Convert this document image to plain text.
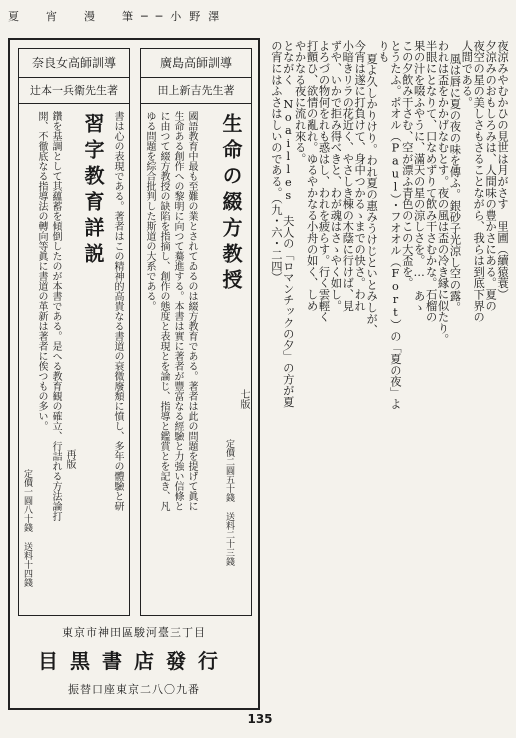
夏　宵　漫　筆──小野澤
夜涼みやむかひの見世は月がさす　里圃（續猿蓑）
夕涼みのおもしろみは、人間味の豊かさにある。夏の
夜空の星の美しさもさることながら、我らは到底下界の
人間である。
風は唇に夏の夜の味を傳ふ。銀砂子光涼し空の露。
われは盃をかかげなむとす。夜の風は盃の冷き縁に似たり。
半眼にとなりて、口なめずりて飲み干さむかな。石榴の
果の汁を啜ふやうに、滿天の星の涼しさを。…　あゝ
この夕飲み干さむ、空が漂ふ青色のこの大盃を。
とうたふ。ポオル（Paul）・フオオル（Fort）の「夏の夜」よ
りも
夏よ久しかりけり。われ夏の惠みうけじといとみしが、
今宵は遂に打負けて、身中つかるゝまでの快さ。われ
小暗きリラの花近く、やさしき棟の木蔭に行けば、見
ずや、いかで拒み得べきと、わが魂はさゝやく如し。
よろづの物何をれも惑はし、われを疲らす。行く雲輕く
打顫ひ、欲情の亂れ。ゆるやかなる小舟の如く、しめ
やかなる夜に流れ來る。
とながく Noailles 夫人の「ロマンチックの夕」の方が夏
の宵にはふさはしいのである。（九・六・二四）
廣島高師訓導
田上新吉先生著
生命の綴方教授
國語教育中最も至難の業とされてゐるのは綴方教育である。著者は此の問題を提げて眞に
生命ある創作への黎明に向つて驀進する。本書は實に著者が豐富なる經驗と力強い信條と
に由つて綴方教授の缺陷を指摘し、創作の態度と表現とを論じ、指導と鑑賞とを記き、凡
ゆる問題を綜合批判した斯道の大系である。
七版
定價二圓五十錢 送料二十三錢
奈良女高師訓導
辻本一兵衛先生著
習字教育詳説 書は心の表現である。著者はこの精神的高貴なる書道の衰微廢頽に憤し、多年の體驗と研
鑽を基調として其蘊蓄を傾倒したのが本書である。是へる教育観の確立、行詰れる方法論打
開、不徹底なる指導法の轉向等眞に書道の革新は著者に俟つもの多い。
再版
定價一圓八十錢 送料十四錢
東京市神田區駿河臺三丁目
目黒書店發行
振替口座東京二八〇九番
135
